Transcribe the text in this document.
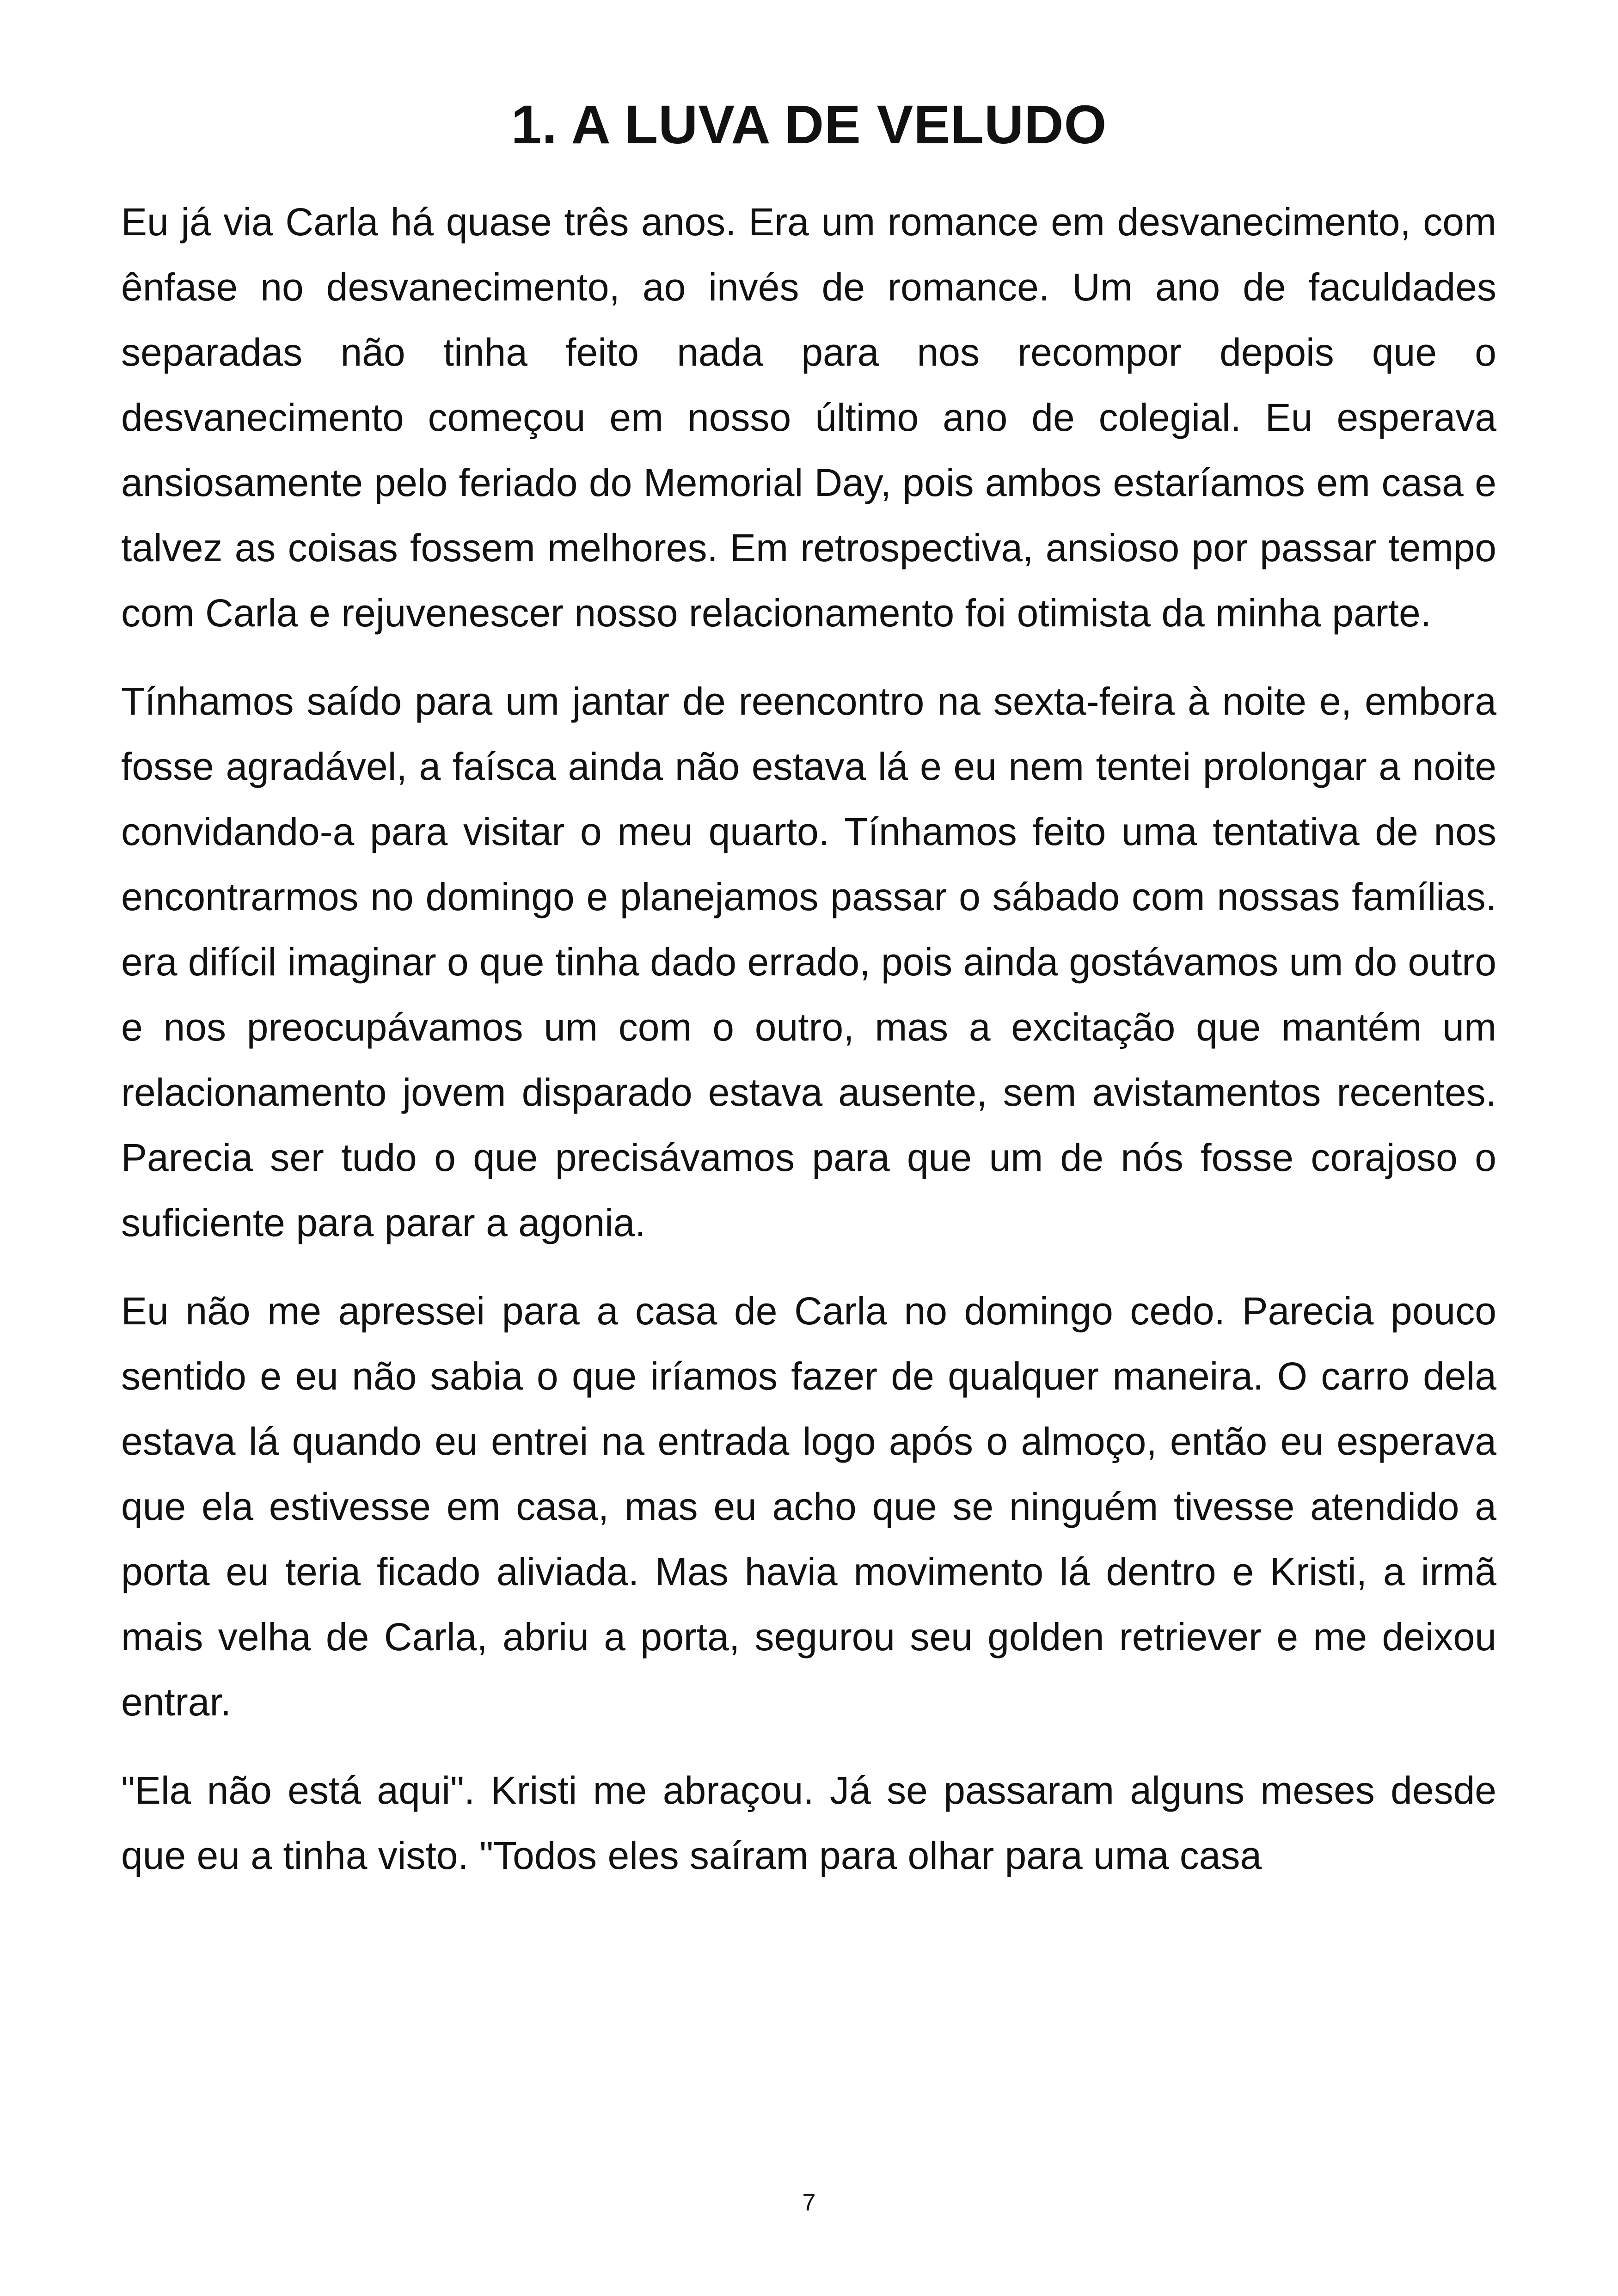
1. A LUVA DE VELUDO

Eu já via Carla há quase três anos. Era um romance em desvanecimento, com ênfase no desvanecimento, ao invés de romance. Um ano de faculdades separadas não tinha feito nada para nos recompor depois que o desvanecimento começou em nosso último ano de colegial. Eu esperava ansiosamente pelo feriado do Memorial Day, pois ambos estaríamos em casa e talvez as coisas fossem melhores. Em retrospectiva, ansioso por passar tempo com Carla e rejuvenescer nosso relacionamento foi otimista da minha parte.

Tínhamos saído para um jantar de reencontro na sexta-feira à noite e, embora fosse agradável, a faísca ainda não estava lá e eu nem tentei prolongar a noite convidando-a para visitar o meu quarto. Tínhamos feito uma tentativa de nos encontrarmos no domingo e planejamos passar o sábado com nossas famílias. era difícil imaginar o que tinha dado errado, pois ainda gostávamos um do outro e nos preocupávamos um com o outro, mas a excitação que mantém um relacionamento jovem disparado estava ausente, sem avistamentos recentes. Parecia ser tudo o que precisávamos para que um de nós fosse corajoso o suficiente para parar a agonia.

Eu não me apressei para a casa de Carla no domingo cedo. Parecia pouco sentido e eu não sabia o que iríamos fazer de qualquer maneira. O carro dela estava lá quando eu entrei na entrada logo após o almoço, então eu esperava que ela estivesse em casa, mas eu acho que se ninguém tivesse atendido a porta eu teria ficado aliviada. Mas havia movimento lá dentro e Kristi, a irmã mais velha de Carla, abriu a porta, segurou seu golden retriever e me deixou entrar.

"Ela não está aqui". Kristi me abraçou. Já se passaram alguns meses desde que eu a tinha visto. "Todos eles saíram para olhar para uma casa

7
